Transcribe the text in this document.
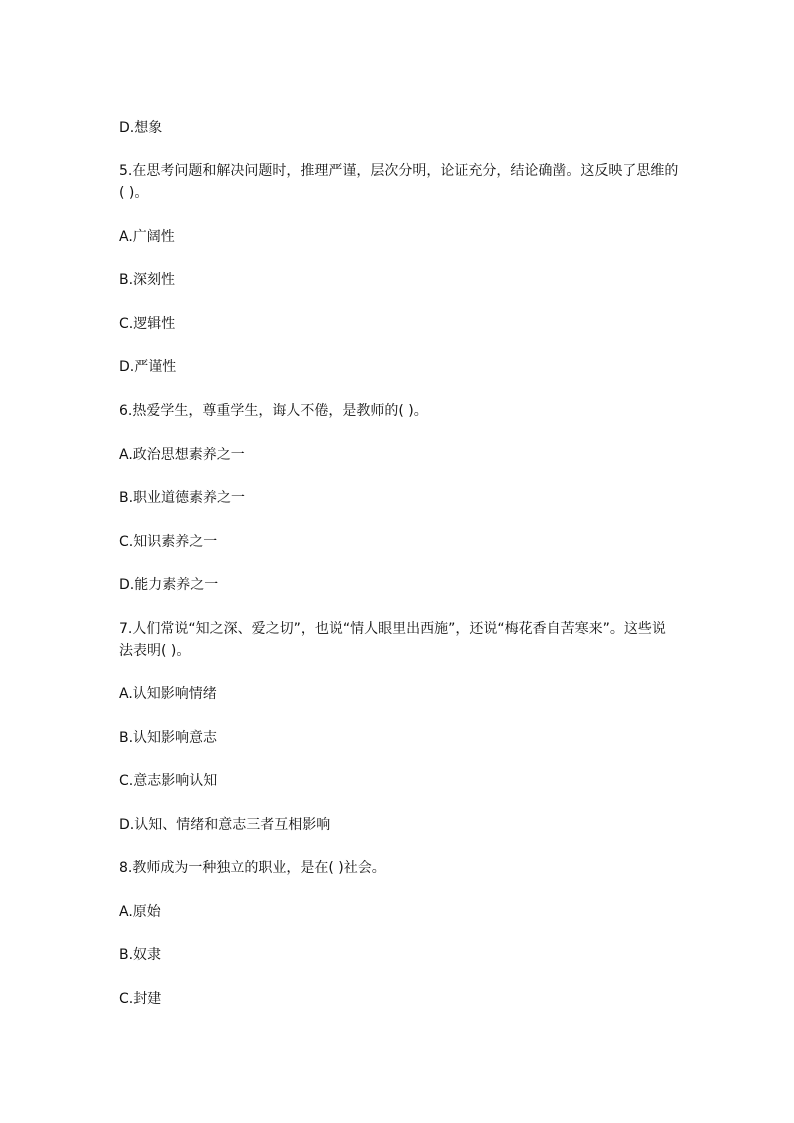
D.想象
5.在思考问题和解决问题时，推理严谨，层次分明，论证充分，结论确凿。这反映了思维的( )。
A.广阔性
B.深刻性
C.逻辑性
D.严谨性
6.热爱学生，尊重学生，诲人不倦，是教师的( )。
A.政治思想素养之一
B.职业道德素养之一
C.知识素养之一
D.能力素养之一
7.人们常说“知之深、爱之切”，也说“情人眼里出西施”，还说“梅花香自苦寒来”。这些说法表明( )。
A.认知影响情绪
B.认知影响意志
C.意志影响认知
D.认知、情绪和意志三者互相影响
8.教师成为一种独立的职业，是在( )社会。
A.原始
B.奴隶
C.封建
